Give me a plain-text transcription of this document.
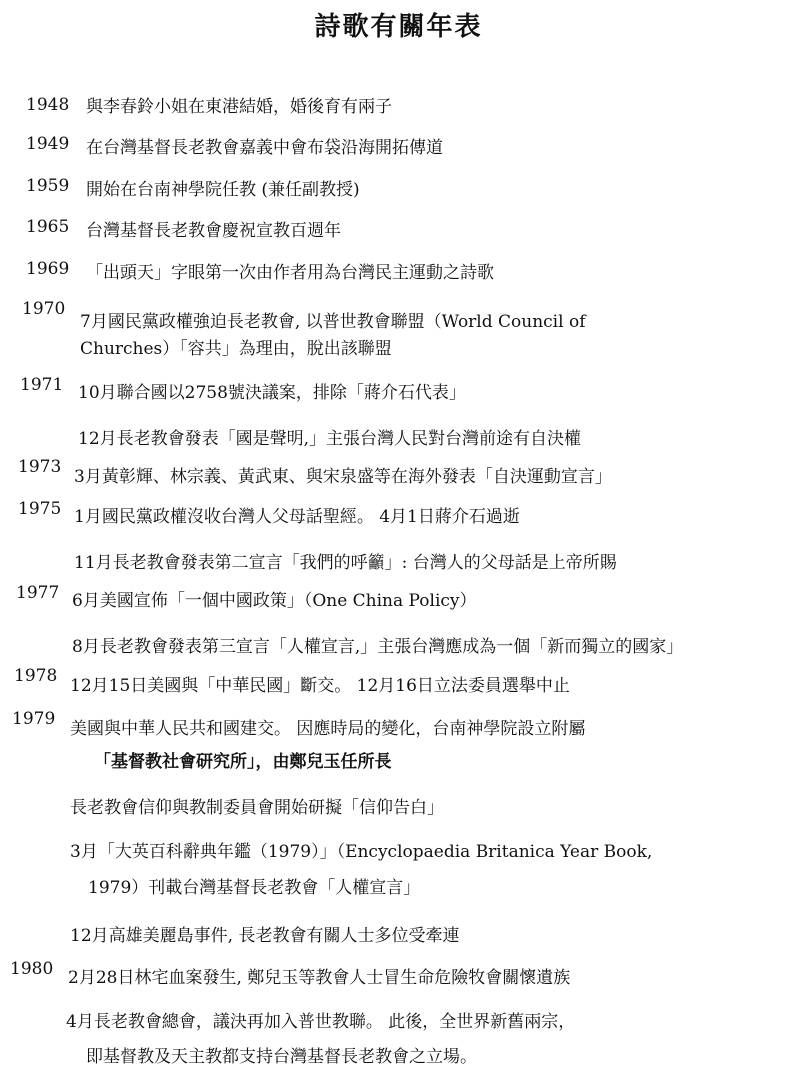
詩歌有關年表
1948 與李春鈴小姐在東港結婚，婚後育有兩子
1949 在台灣基督長老教會嘉義中會布袋沿海開拓傳道
1959 開始在台南神學院任教 (兼任副教授)
1965 台灣基督長老教會慶祝宣教百週年
1969 「出頭天」字眼第一次由作者用為台灣民主運動之詩歌
1970
7月國民黨政權強迫長老教會, 以普世教會聯盟（World Council of
Churches）「容共」為理由，脫出該聯盟
1971 10月聯合國以2758號決議案，排除「蔣介石代表」
12月長老教會發表「國是聲明,」主張台灣人民對台灣前途有自決權
1973 3月黃彰輝、林宗義、黃武東、與宋泉盛等在海外發表「自決運動宣言」
1975 1月國民黨政權沒收台灣人父母話聖經。 4月1日蔣介石過逝
11月長老教會發表第二宣言「我們的呼籲」: 台灣人的父母話是上帝所賜
1977 6月美國宣佈「一個中國政策」（One China Policy）
8月長老教會發表第三宣言「人權宣言,」主張台灣應成為一個「新而獨立的國家」
1978 12月15日美國與「中華民國」斷交。 12月16日立法委員選舉中止
1979 美國與中華人民共和國建交。 因應時局的變化，台南神學院設立附屬
「基督教社會研究所」，由鄭兒玉任所長
長老教會信仰與教制委員會開始研擬「信仰告白」
3月「大英百科辭典年鑑（1979）」（Encyclopaedia Britanica Year Book,
1979）刊載台灣基督長老教會「人權宣言」
12月高雄美麗島事件, 長老教會有關人士多位受牽連
1980 2月28日林宅血案發生, 鄭兒玉等教會人士冒生命危險牧會關懷遺族
4月長老教會總會，議決再加入普世教聯。 此後，全世界新舊兩宗，
即基督教及天主教都支持台灣基督長老教會之立場。
